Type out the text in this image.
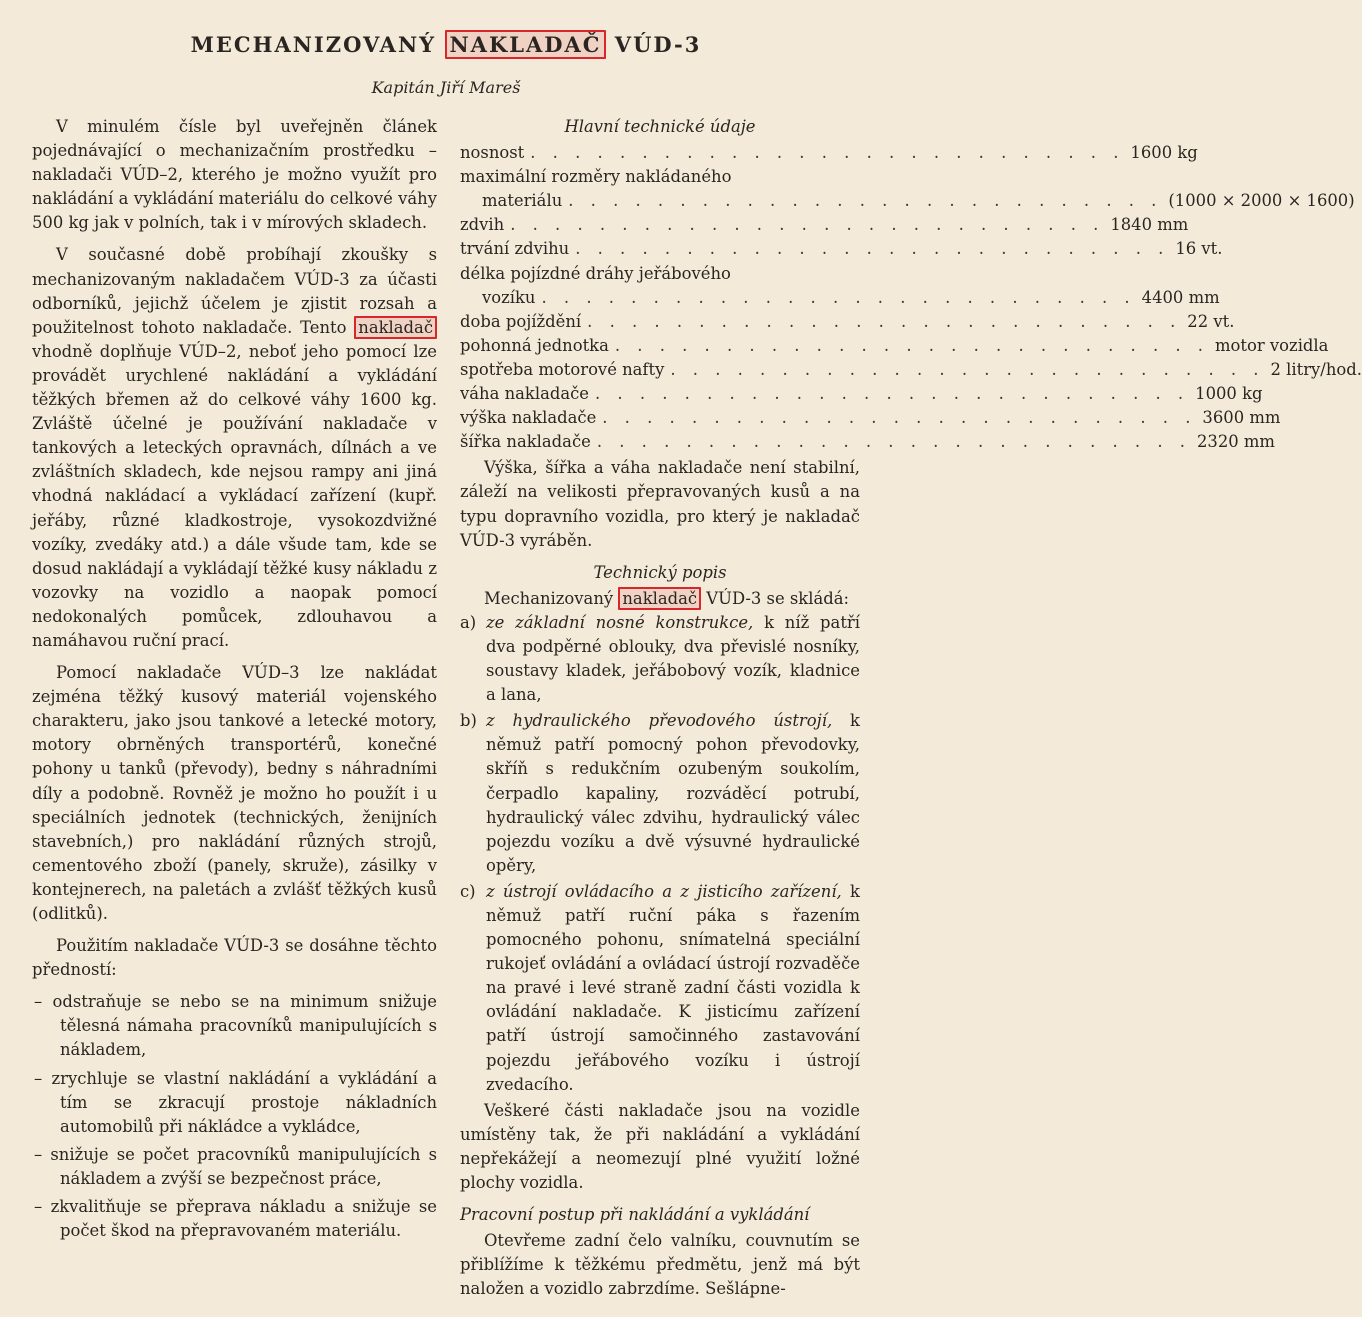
MECHANIZOVANÝ NAKLADAČ VÚD-3
Kapitán Jiří Mareš

V minulém čísle byl uveřejněn článek pojednávající o mechanizačním prostředku – nakladači VÚD–2, kterého je možno využít pro nakládání a vykládání materiálu do celkové váhy 500 kg jak v polních, tak i v mírových skladech.

V současné době probíhají zkoušky s mechanizovaným nakladačem VÚD-3 za účasti odborníků, jejichž účelem je zjistit rozsah a použitelnost tohoto nakladače. Tento nakladač vhodně doplňuje VÚD–2, neboť jeho pomocí lze provádět urychlené nakládání a vykládání těžkých břemen až do celkové váhy 1600 kg. Zvláště účelné je používání nakladače v tankových a leteckých opravnách, dílnách a ve zvláštních skladech, kde nejsou rampy ani jiná vhodná nakládací a vykládací zařízení (kupř. jeřáby, různé kladkostroje, vysokozdvižné vozíky, zvedáky atd.) a dále všude tam, kde se dosud nakládají a vykládají těžké kusy nákladu z vozovky na vozidlo a naopak pomocí nedokonalých pomůcek, zdlouhavou a namáhavou ruční prací.

Pomocí nakladače VÚD–3 lze nakládat zejména těžký kusový materiál vojenského charakteru, jako jsou tankové a letecké motory, motory obrněných transportérů, konečné pohony u tanků (převody), bedny s náhradními díly a podobně. Rovněž je možno ho použít i u speciálních jednotek (technických, ženijních stavebních,) pro nakládání různých strojů, cementového zboží (panely, skruže), zásilky v kontejnerech, na paletách a zvlášť těžkých kusů (odlitků).

Použitím nakladače VÚD-3 se dosáhne těchto předností:

– odstraňuje se nebo se na minimum snižuje tělesná námaha pracovníků manipulujících s nákladem,
– zrychluje se vlastní nakládání a vykládání a tím se zkracují prostoje nákladních automobilů při nákládce a vykládce,
– snižuje se počet pracovníků manipulujících s nákladem a zvýší se bezpečnost práce,
– zkvalitňuje se přeprava nákladu a snižuje se počet škod na přepravovaném materiálu.
Hlavní technické údaje
nosnost . . . . . . . . . . . . . . . . . . . . . . . . . . . 1600 kg
maximální rozměry nakládaného
materiálu . . . . . . . . . . . . . . . . . . . . . . . . . . . (1000 × 2000 × 1600)
zdvih . . . . . . . . . . . . . . . . . . . . . . . . . . . 1840 mm
trvání zdvihu . . . . . . . . . . . . . . . . . . . . . . . . . . . 16 vt.
délka pojízdné dráhy jeřábového
vozíku . . . . . . . . . . . . . . . . . . . . . . . . . . . 4400 mm
doba pojíždění . . . . . . . . . . . . . . . . . . . . . . . . . . . 22 vt.
pohonná jednotka . . . . . . . . . . . . . . . . . . . . . . . . . . . motor vozidla
spotřeba motorové nafty . . . . . . . . . . . . . . . . . . . . . . . . . . . 2 litry/hod.
váha nakladače . . . . . . . . . . . . . . . . . . . . . . . . . . . 1000 kg
výška nakladače . . . . . . . . . . . . . . . . . . . . . . . . . . . 3600 mm
šířka nakladače . . . . . . . . . . . . . . . . . . . . . . . . . . . 2320 mm

Výška, šířka a váha nakladače není stabilní, záleží na velikosti přepravovaných kusů a na typu dopravního vozidla, pro který je nakladač VÚD-3 vyráběn.

Technický popis
Mechanizovaný nakladač VÚD-3 se skládá:
a) ze základní nosné konstrukce, k níž patří dva podpěrné oblouky, dva převislé nosníky, soustavy kladek, jeřábobový vozík, kladnice a lana,
b) z hydraulického převodového ústrojí, k němuž patří pomocný pohon převodovky, skříň s redukčním ozubeným soukolím, čerpadlo kapaliny, rozváděcí potrubí, hydraulický válec zdvihu, hydraulický válec pojezdu vozíku a dvě výsuvné hydraulické opěry,
c) z ústrojí ovládacího a z jisticího zařízení, k němuž patří ruční páka s řazením pomocného pohonu, snímatelná speciální rukojeť ovládání a ovládací ústrojí rozvaděče na pravé i levé straně zadní části vozidla k ovládání nakladače. K jisticímu zařízení patří ústrojí samočinného zastavování pojezdu jeřábového vozíku i ústrojí zvedacího.

Veškeré části nakladače jsou na vozidle umístěny tak, že při nakládání a vykládání nepřekážejí a neomezují plné využití ložné plochy vozidla.

Pracovní postup při nakládání a vykládání

Otevřeme zadní čelo valníku, couvnutím se přiblížíme k těžkému předmětu, jenž má být naložen a vozidlo zabrzdíme. Sešlápne-
